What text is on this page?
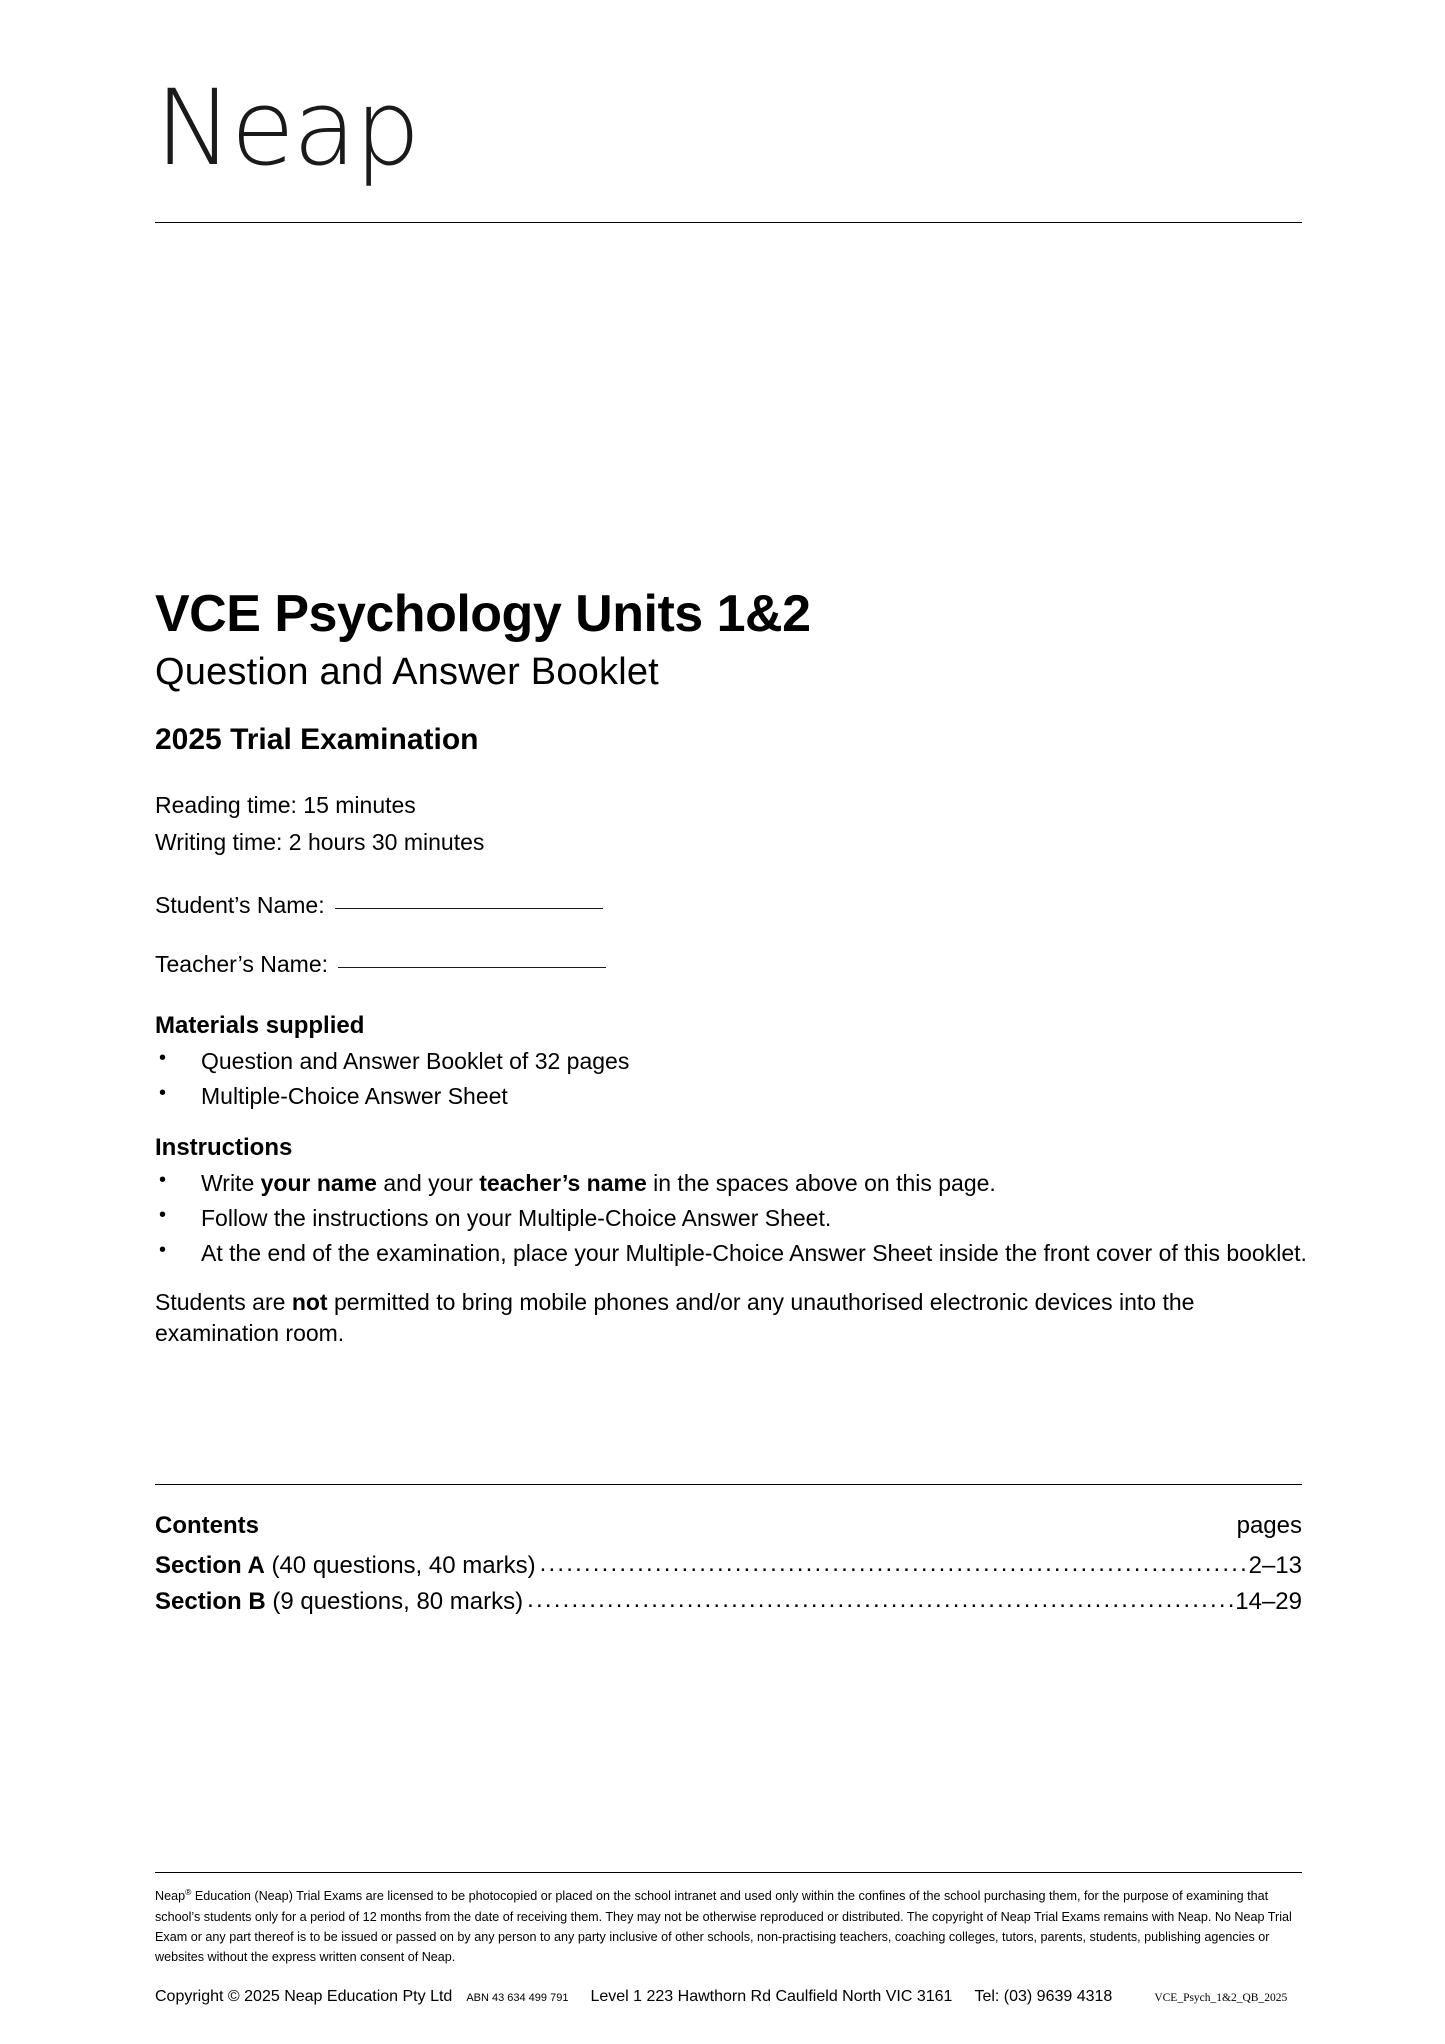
Neap
VCE Psychology Units 1&2
Question and Answer Booklet
2025 Trial Examination

Reading time: 15 minutes

Writing time: 2 hours 30 minutes

Student’s Name:
Teacher’s Name:
Materials supplied
• Question and Answer Booklet of 32 pages
• Multiple-Choice Answer Sheet
Instructions
• Write your name and your teacher’s name in the spaces above on this page.
• Follow the instructions on your Multiple-Choice Answer Sheet.
• At the end of the examination, place your Multiple-Choice Answer Sheet inside the front cover of this booklet.

Students are not permitted to bring mobile phones and/or any unauthorised electronic devices into the examination room.

Contents	pages
Section A (40 questions, 40 marks) .....	2–13
Section B (9 questions, 80 marks) .....	14–29

Neap® Education (Neap) Trial Exams are licensed to be photocopied or placed on the school intranet and used only within the confines of the school purchasing them, for the purpose of examining that school’s students only for a period of 12 months from the date of receiving them. They may not be otherwise reproduced or distributed. The copyright of Neap Trial Exams remains with Neap. No Neap Trial Exam or any part thereof is to be issued or passed on by any person to any party inclusive of other schools, non-practising teachers, coaching colleges, tutors, parents, students, publishing agencies or websites without the express written consent of Neap.

Copyright © 2025 Neap Education Pty Ltd ABN 43 634 499 791 Level 1 223 Hawthorn Rd Caulfield North VIC 3161 Tel: (03) 9639 4318	VCE_Psych_1&2_QB_2025
